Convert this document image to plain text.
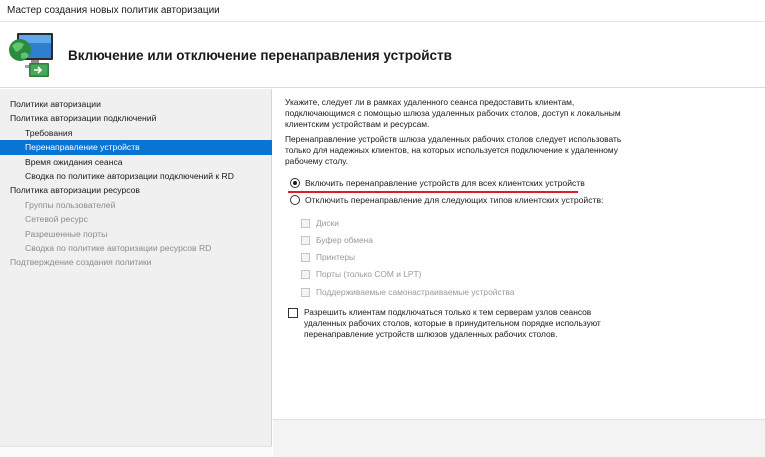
Мастер создания новых политик авторизации
Включение или отключение перенаправления устройств
Политики авторизации
Политика авторизации подключений
Требования
Перенаправление устройств
Время ожидания сеанса
Сводка по политике авторизации подключений к RD
Политика авторизации ресурсов
Группы пользователей
Сетевой ресурс
Разрешенные порты
Сводка по политике авторизации ресурсов RD
Подтверждение создания политики
Укажите, следует ли в рамках удаленного сеанса предоставить клиентам, подключающимся с помощью шлюза удаленных рабочих столов, доступ к локальным клиентским устройствам и ресурсам.
Перенаправление устройств шлюза удаленных рабочих столов следует использовать только для надежных клиентов, на которых используется подключение к удаленному рабочему столу.
Включить перенаправление устройств для всех клиентских устройств
Отключить перенаправление для следующих типов клиентских устройств:
Диски
Буфер обмена
Принтеры
Порты (только COM и LPT)
Поддерживаемые самонастраиваемые устройства
Разрешить клиентам подключаться только к тем серверам узлов сеансов удаленных рабочих столов, которые в принудительном порядке используют перенаправление устройств шлюзов удаленных рабочих столов.
